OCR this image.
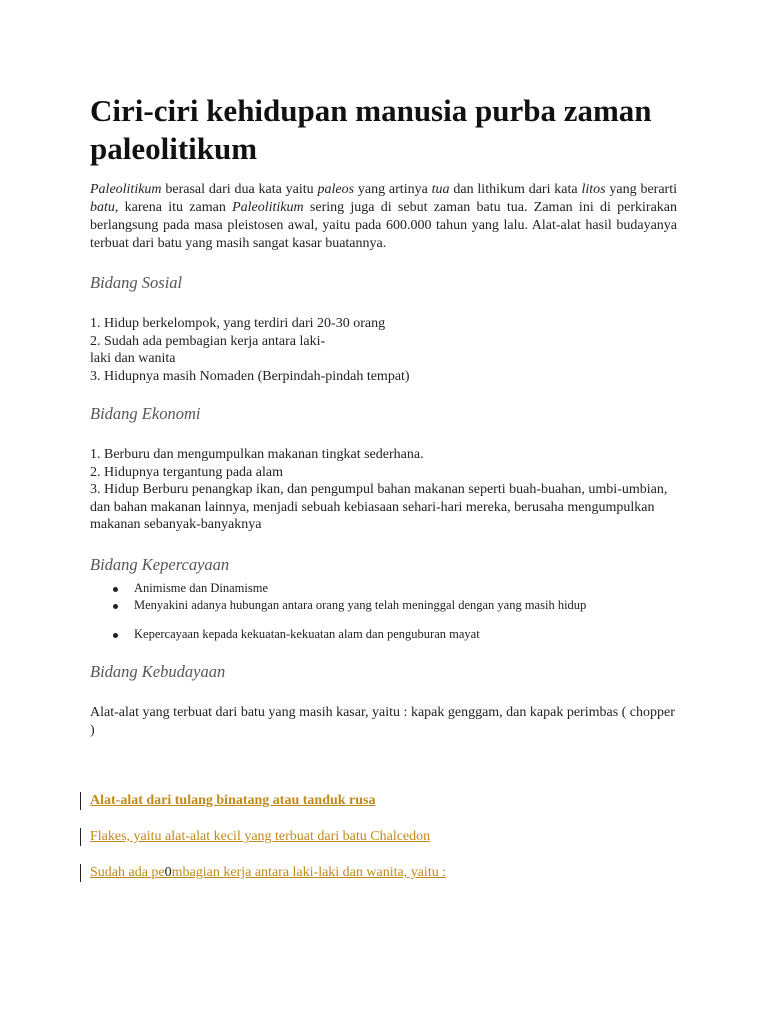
Ciri-ciri kehidupan manusia purba zaman paleolitikum

Paleolitikum berasal dari dua kata yaitu paleos yang artinya tua dan lithikum dari kata litos yang berarti batu, karena itu zaman Paleolitikum sering juga di sebut zaman batu tua. Zaman ini di perkirakan berlangsung pada masa pleistosen awal, yaitu pada 600.000 tahun yang lalu. Alat-alat hasil budayanya terbuat dari batu yang masih sangat kasar buatannya.

Bidang Sosial
1. Hidup berkelompok, yang terdiri dari 20-30 orang
2. Sudah ada pembagian kerja antara laki-
laki dan wanita
3. Hidupnya masih Nomaden (Berpindah-pindah tempat)
Bidang Ekonomi
1. Berburu dan mengumpulkan makanan tingkat sederhana.
2. Hidupnya tergantung pada alam
3. Hidup Berburu penangkap ikan, dan pengumpul bahan makanan seperti buah-buahan, umbi-umbian, dan bahan makanan lainnya, menjadi sebuah kebiasaan sehari-hari mereka, berusaha mengumpulkan makanan sebanyak-banyaknya
Bidang Kepercayaan
Animisme dan Dinamisme
Menyakini adanya hubungan antara orang yang telah meninggal dengan yang masih hidup
Kepercayaan kepada kekuatan-kekuatan alam dan penguburan mayat
Bidang Kebudayaan
Alat-alat yang terbuat dari batu yang masih kasar, yaitu : kapak genggam, dan kapak perimbas ( chopper )
Alat-alat dari tulang binatang atau tanduk rusa
Flakes, yaitu alat-alat kecil yang terbuat dari batu Chalcedon
Sudah ada pe0mbagian kerja antara laki-laki dan wanita, yaitu :
